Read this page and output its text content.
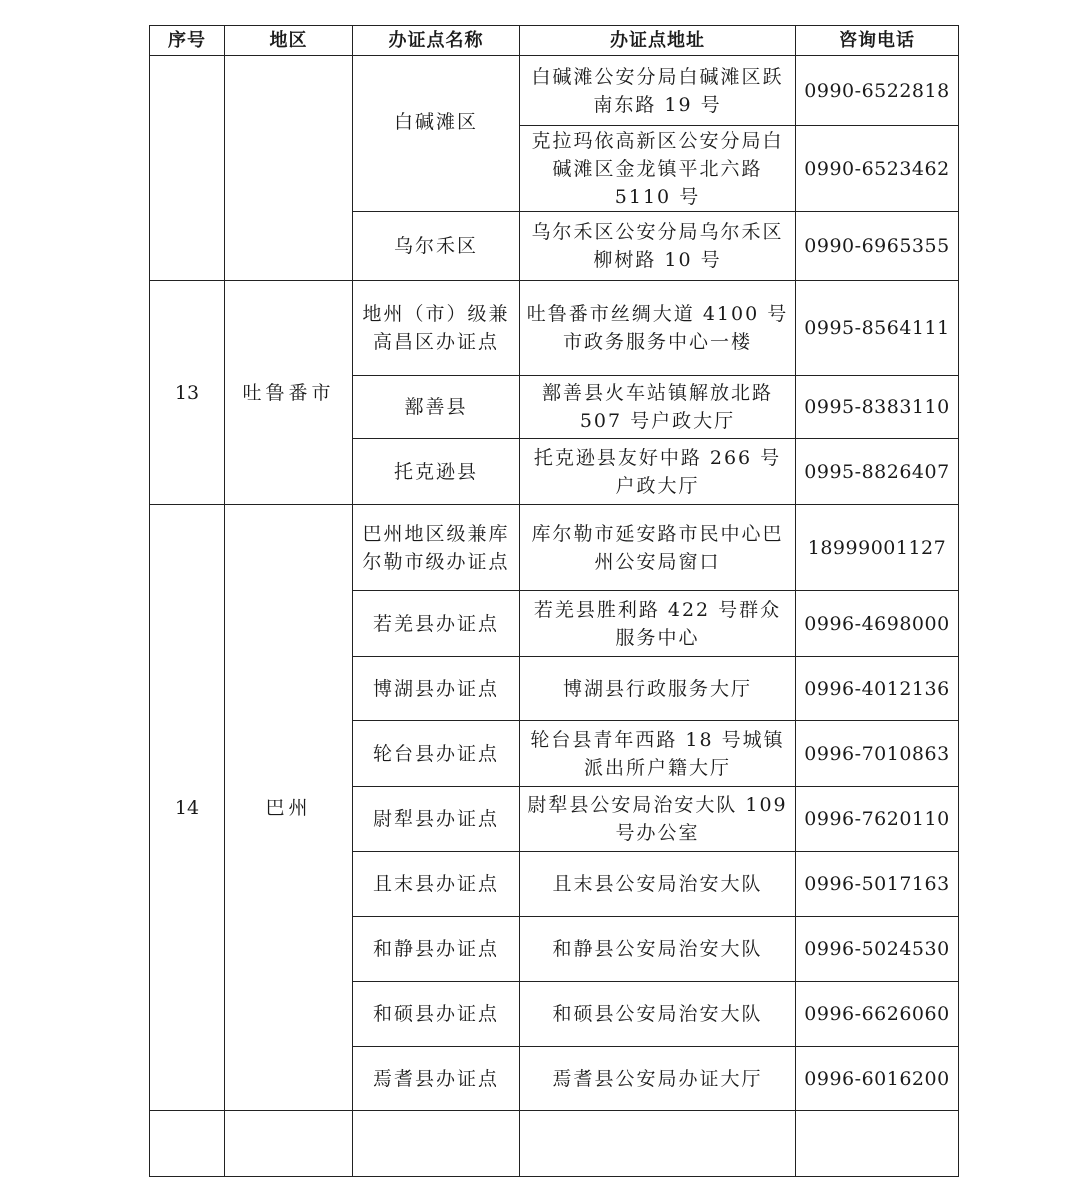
序号	地区	办证点名称	办证点地址	咨询电话
		白碱滩区	白碱滩公安分局白碱滩区跃南东路 19 号	0990-6522818
			克拉玛依高新区公安分局白碱滩区金龙镇平北六路 5110 号	0990-6523462
		乌尔禾区	乌尔禾区公安分局乌尔禾区柳树路 10 号	0990-6965355
13	吐鲁番市	地州（市）级兼高昌区办证点	吐鲁番市丝绸大道 4100 号市政务服务中心一楼	0995-8564111
		鄯善县	鄯善县火车站镇解放北路 507 号户政大厅	0995-8383110
		托克逊县	托克逊县友好中路 266 号户政大厅	0995-8826407
14	巴州	巴州地区级兼库尔勒市级办证点	库尔勒市延安路市民中心巴州公安局窗口	18999001127
		若羌县办证点	若羌县胜利路 422 号群众服务中心	0996-4698000
		博湖县办证点	博湖县行政服务大厅	0996-4012136
		轮台县办证点	轮台县青年西路 18 号城镇派出所户籍大厅	0996-7010863
		尉犁县办证点	尉犁县公安局治安大队 109 号办公室	0996-7620110
		且末县办证点	且末县公安局治安大队	0996-5017163
		和静县办证点	和静县公安局治安大队	0996-5024530
		和硕县办证点	和硕县公安局治安大队	0996-6626060
		焉耆县办证点	焉耆县公安局办证大厅	0996-6016200
